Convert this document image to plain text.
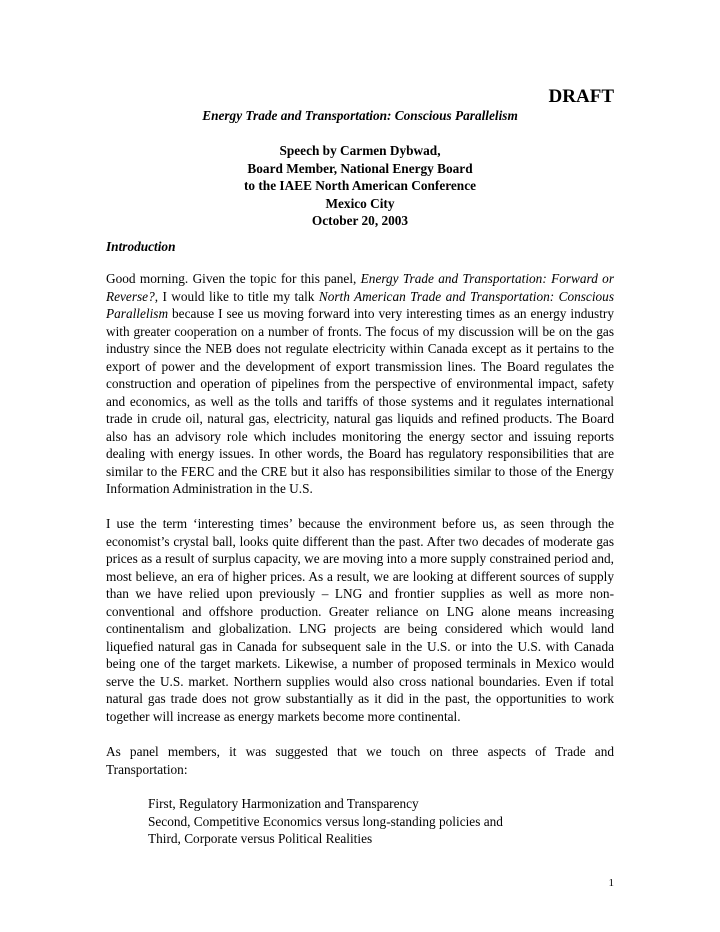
DRAFT
Energy Trade and Transportation: Conscious Parallelism
Speech by Carmen Dybwad,
Board Member, National Energy Board
to the IAEE North American Conference
Mexico City
October 20, 2003
Introduction

Good morning. Given the topic for this panel, Energy Trade and Transportation: Forward or Reverse?, I would like to title my talk North American Trade and Transportation: Conscious Parallelism because I see us moving forward into very interesting times as an energy industry with greater cooperation on a number of fronts. The focus of my discussion will be on the gas industry since the NEB does not regulate electricity within Canada except as it pertains to the export of power and the development of export transmission lines. The Board regulates the construction and operation of pipelines from the perspective of environmental impact, safety and economics, as well as the tolls and tariffs of those systems and it regulates international trade in crude oil, natural gas, electricity, natural gas liquids and refined products. The Board also has an advisory role which includes monitoring the energy sector and issuing reports dealing with energy issues. In other words, the Board has regulatory responsibilities that are similar to the FERC and the CRE but it also has responsibilities similar to those of the Energy Information Administration in the U.S.

I use the term ‘interesting times’ because the environment before us, as seen through the economist’s crystal ball, looks quite different than the past. After two decades of moderate gas prices as a result of surplus capacity, we are moving into a more supply constrained period and, most believe, an era of higher prices. As a result, we are looking at different sources of supply than we have relied upon previously – LNG and frontier supplies as well as more non-conventional and offshore production. Greater reliance on LNG alone means increasing continentalism and globalization. LNG projects are being considered which would land liquefied natural gas in Canada for subsequent sale in the U.S. or into the U.S. with Canada being one of the target markets. Likewise, a number of proposed terminals in Mexico would serve the U.S. market. Northern supplies would also cross national boundaries. Even if total natural gas trade does not grow substantially as it did in the past, the opportunities to work together will increase as energy markets become more continental.

As panel members, it was suggested that we touch on three aspects of Trade and Transportation:

First, Regulatory Harmonization and Transparency
Second, Competitive Economics versus long-standing policies and
Third, Corporate versus Political Realities
1
